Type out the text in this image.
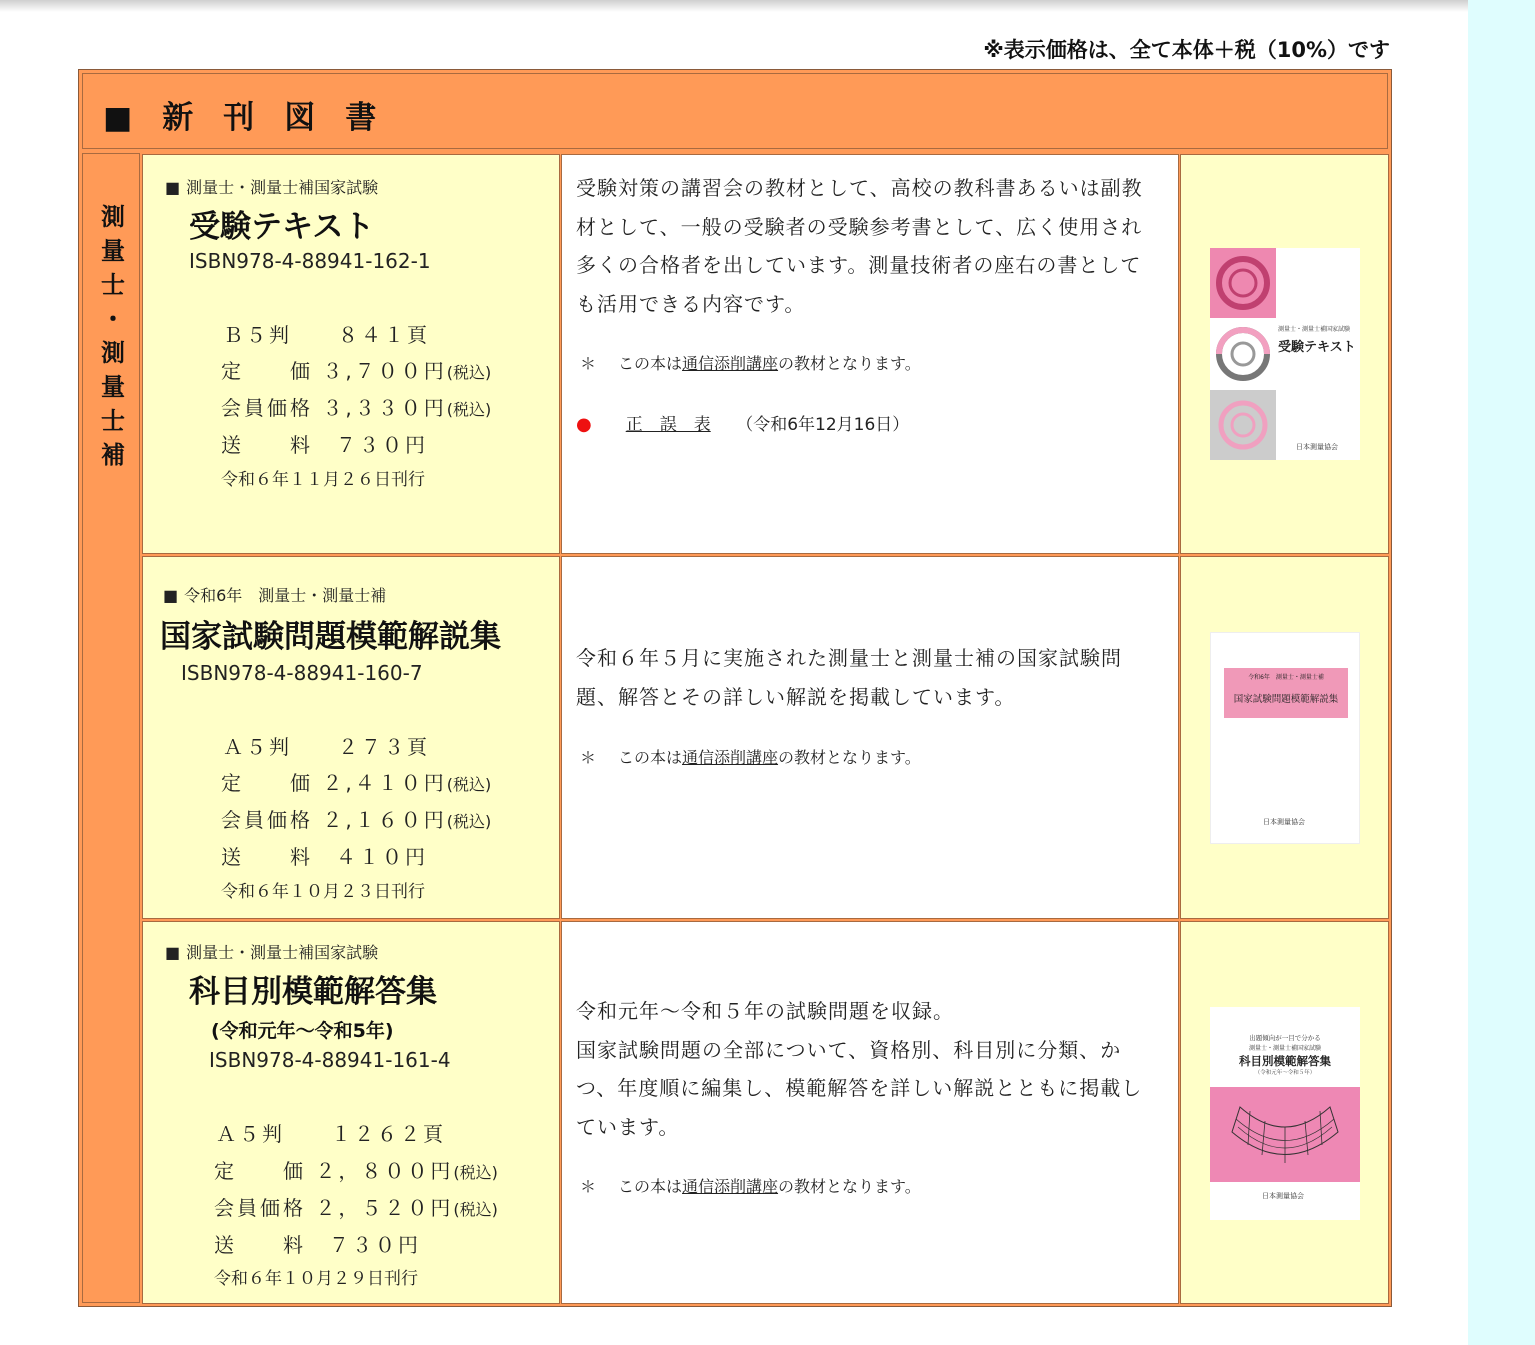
※表示価格は、全て本体＋税（10%）です
■新刊図書
測量士・測量士補
■ 測量士・測量士補国家試験
受験テキスト
ISBN978-4-88941-162-1
Ｂ５判　　８４１頁
定　　価 ３,７００円(税込)
会員価格 ３,３３０円(税込)
送　　料　 ７３０円
令和６年１１月２６日刊行
受験対策の講習会の教材として、高校の教科書あるいは副教材として、一般の受験者の受験参考書として、広く使用され多くの合格者を出しています。測量技術者の座右の書としても活用できる内容です。
＊ この本は通信添削講座の教材となります。
● 正　誤　表　　 （令和6年12月16日）
測量士・測量士補国家試験
受験テキスト
日本測量協会
■ 令和6年　測量士・測量士補
国家試験問題模範解説集
ISBN978-4-88941-160-7
Ａ５判　　２７３頁
定　　価 ２,４１０円(税込)
会員価格 ２,１６０円(税込)
送　　料　 ４１０円
令和６年１０月２３日刊行
令和６年５月に実施された測量士と測量士補の国家試験問題、解答とその詳しい解説を掲載しています。
＊ この本は通信添削講座の教材となります。
令和6年　測量士・測量士補
国家試験問題模範解説集
日本測量協会
■ 測量士・測量士補国家試験
科目別模範解答集
(令和元年～令和5年)
ISBN978-4-88941-161-4
Ａ５判　　１２６２頁
定　　価 ２，８００円(税込)
会員価格 ２，５２０円(税込)
送　　料　 ７３０円
令和６年１０月２９日刊行
令和元年～令和５年の試験問題を収録。
国家試験問題の全部について、資格別、科目別に分類、かつ、年度順に編集し、模範解答を詳しい解説とともに掲載しています。
＊ この本は通信添削講座の教材となります。
出題傾向が一目で分かる
測量士・測量士補国家試験
科目別模範解答集
（令和元年～令和５年）
日本測量協会
